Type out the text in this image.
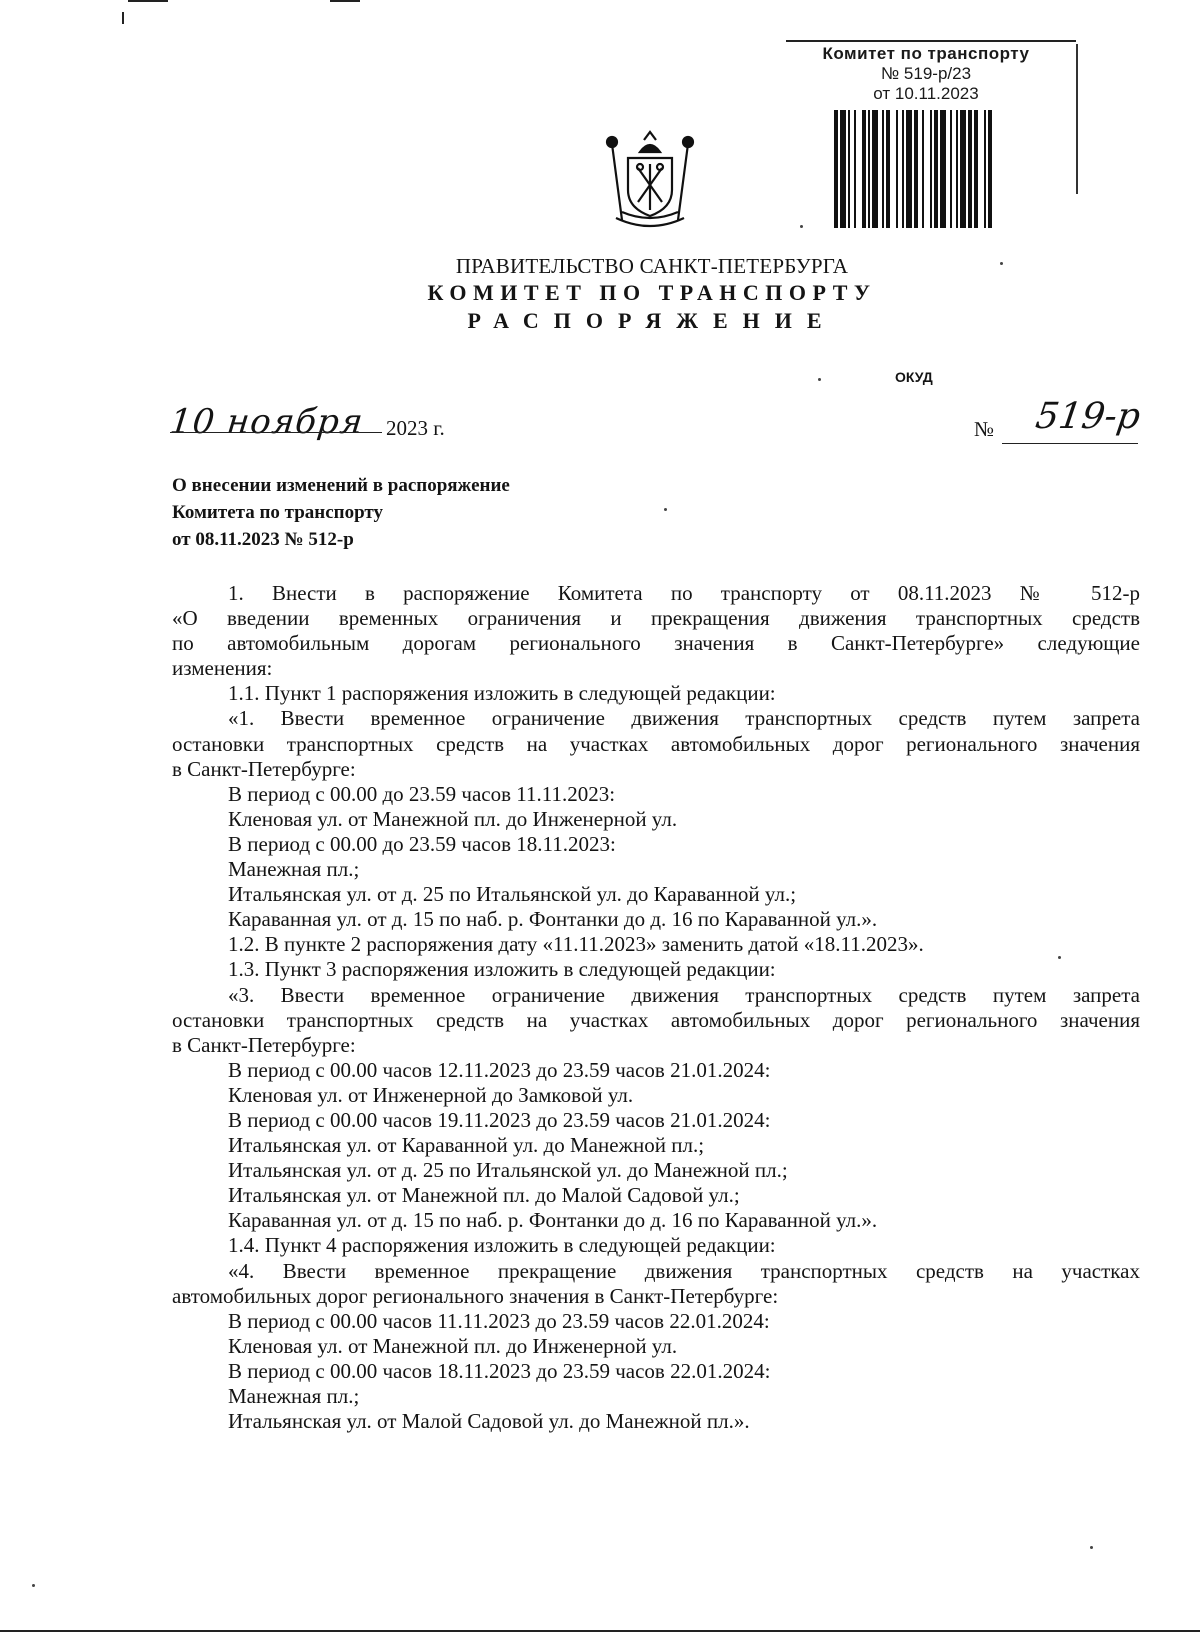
Комитет по транспорту
№ 519-р/23
от 10.11.2023
ПРАВИТЕЛЬСТВО САНКТ-ПЕТЕРБУРГА
КОМИТЕТ ПО ТРАНСПОРТУ
РАСПОРЯЖЕНИЕ
ОКУД
10 ноября 2023 г.	№ 519-р
О внесении изменений в распоряжение
Комитета по транспорту
от 08.11.2023 № 512-р
1. Внести в распоряжение Комитета по транспорту от 08.11.2023 № 512-р
«О введении временных ограничения и прекращения движения транспортных средств
по автомобильным дорогам регионального значения в Санкт-Петербурге» следующие
изменения:
1.1. Пункт 1 распоряжения изложить в следующей редакции:
«1. Ввести временное ограничение движения транспортных средств путем запрета
остановки транспортных средств на участках автомобильных дорог регионального значения
в Санкт-Петербурге:
В период с 00.00 до 23.59 часов 11.11.2023:
Кленовая ул. от Манежной пл. до Инженерной ул.
В период с 00.00 до 23.59 часов 18.11.2023:
Манежная пл.;
Итальянская ул. от д. 25 по Итальянской ул. до Караванной ул.;
Караванная ул. от д. 15 по наб. р. Фонтанки до д. 16 по Караванной ул.».
1.2. В пункте 2 распоряжения дату «11.11.2023» заменить датой «18.11.2023».
1.3. Пункт 3 распоряжения изложить в следующей редакции:
«3. Ввести временное ограничение движения транспортных средств путем запрета
остановки транспортных средств на участках автомобильных дорог регионального значения
в Санкт-Петербурге:
В период с 00.00 часов 12.11.2023 до 23.59 часов 21.01.2024:
Кленовая ул. от Инженерной до Замковой ул.
В период с 00.00 часов 19.11.2023 до 23.59 часов 21.01.2024:
Итальянская ул. от Караванной ул. до Манежной пл.;
Итальянская ул. от д. 25 по Итальянской ул. до Манежной пл.;
Итальянская ул. от Манежной пл. до Малой Садовой ул.;
Караванная ул. от д. 15 по наб. р. Фонтанки до д. 16 по Караванной ул.».
1.4. Пункт 4 распоряжения изложить в следующей редакции:
«4. Ввести временное прекращение движения транспортных средств на участках
автомобильных дорог регионального значения в Санкт-Петербурге:
В период с 00.00 часов 11.11.2023 до 23.59 часов 22.01.2024:
Кленовая ул. от Манежной пл. до Инженерной ул.
В период с 00.00 часов 18.11.2023 до 23.59 часов 22.01.2024:
Манежная пл.;
Итальянская ул. от Малой Садовой ул. до Манежной пл.».
